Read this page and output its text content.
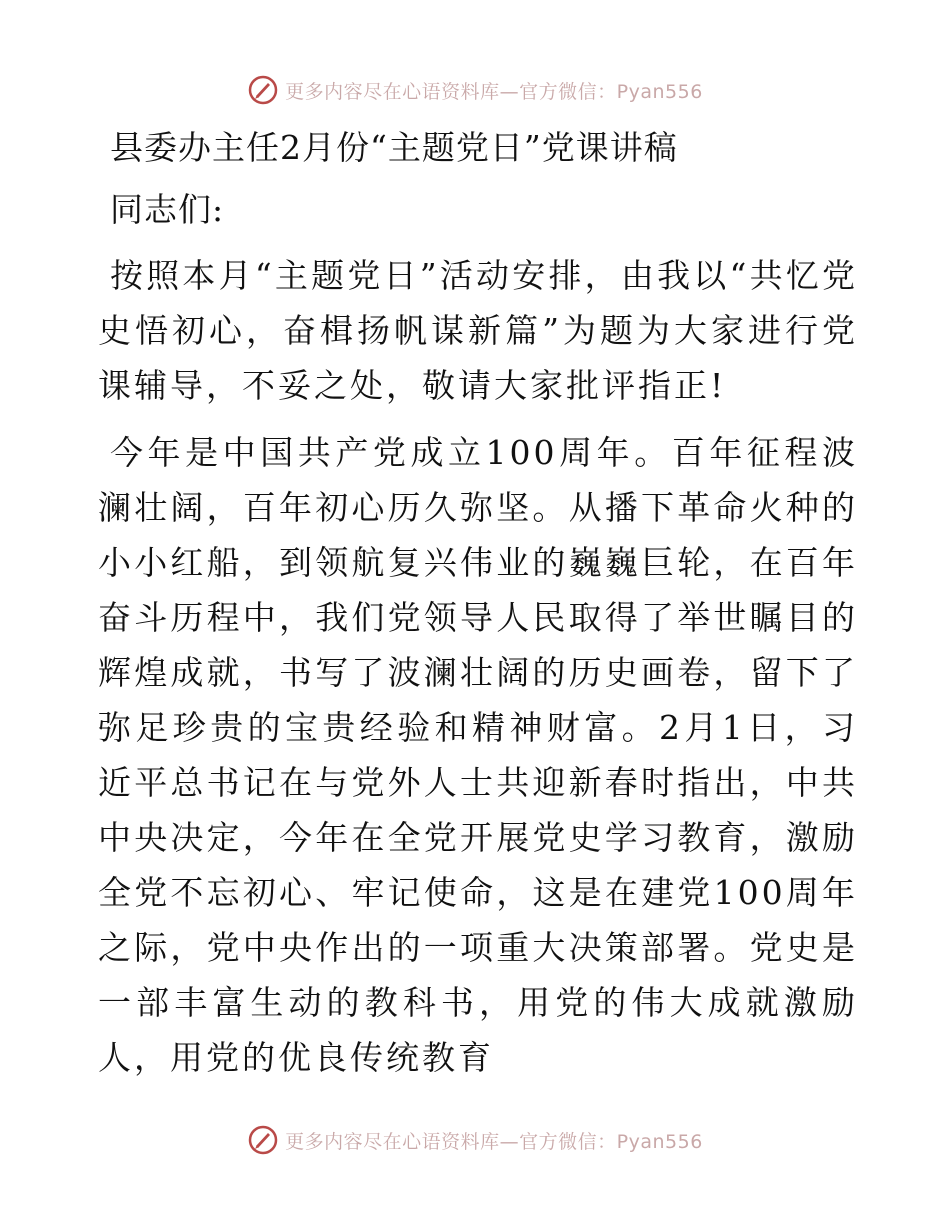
更多内容尽在心语资料库—官方微信：Pyan556
县委办主任2月份“主题党日”党课讲稿
同志们:

按照本月“主题党日”活动安排，由我以“共忆党史悟初心，奋楫扬帆谋新篇”为题为大家进行党课辅导，不妥之处，敬请大家批评指正!

今年是中国共产党成立100周年。百年征程波澜壮阔，百年初心历久弥坚。从播下革命火种的小小红船，到领航复兴伟业的巍巍巨轮，在百年奋斗历程中，我们党领导人民取得了举世瞩目的辉煌成就，书写了波澜壮阔的历史画卷，留下了弥足珍贵的宝贵经验和精神财富。2月1日，习近平总书记在与党外人士共迎新春时指出，中共中央决定，今年在全党开展党史学习教育，激励全党不忘初心、牢记使命，这是在建党100周年之际，党中央作出的一项重大决策部署。党史是一部丰富生动的教科书，用党的伟大成就激励人，用党的优良传统教育

更多内容尽在心语资料库—官方微信：Pyan556
